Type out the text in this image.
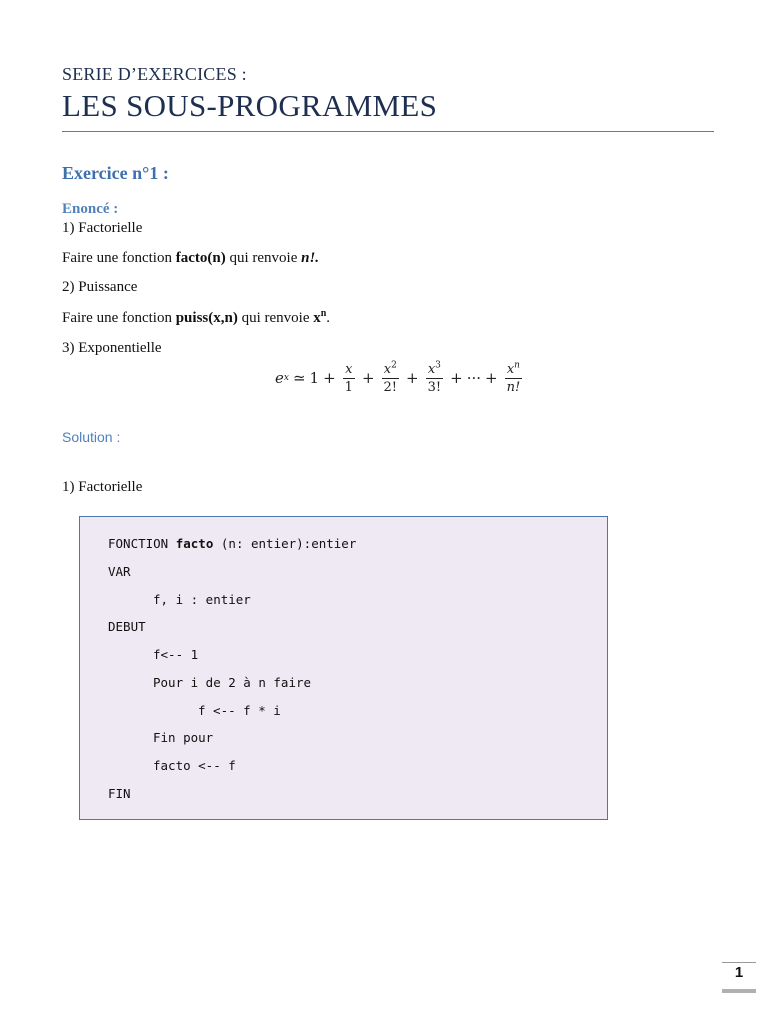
SERIE D’EXERCICES :
LES SOUS-PROGRAMMES
Exercice n°1 :
Enoncé :
1) Factorielle
Faire une fonction facto(n) qui renvoie n!.
2) Puissance
Faire une fonction puiss(x,n) qui renvoie $x^n$.
3) Exponentielle
e x ≃ $1 + \frac{x}{1} + \frac{x^2}{2!} + \frac{x^3}{3!}$ + ··· + $\frac{x^n}{n!}$
Solution :
1) Factorielle
FONCTION facto (n: entier):entier
VAR
f, i : entier
DEBUT
f<-- 1
Pour i de 2 à n faire
f <-- f * i
Fin pour
facto <-- f
FIN
1
